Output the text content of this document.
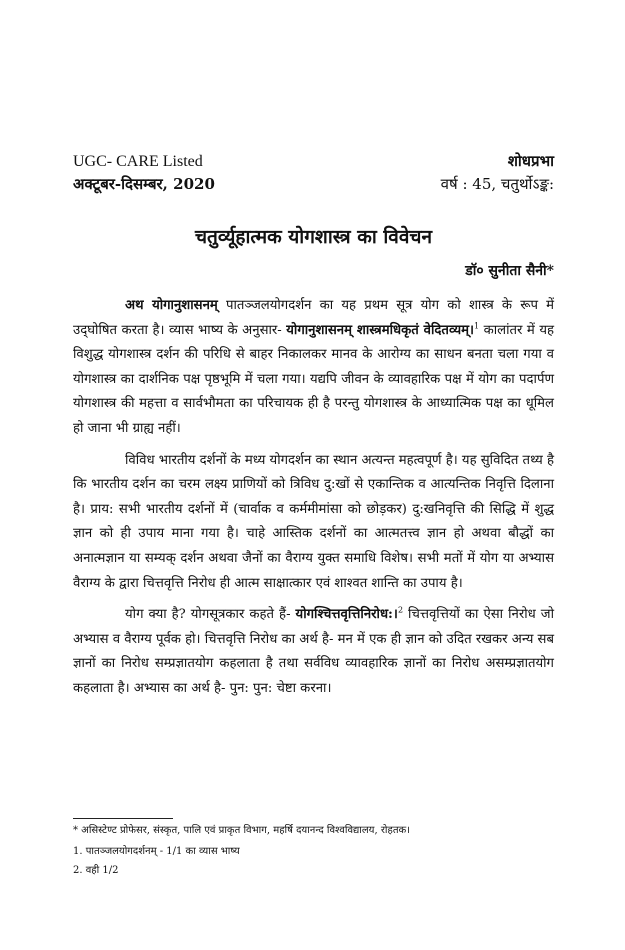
UGC- CARE Listed	शोधप्रभा
अक्टूबर-दिसम्बर, 2020	वर्ष : 45, चतुर्थोऽङ्क:
चतुर्व्यूहात्मक योगशास्त्र का विवेचन
डॉ० सुनीता सैनी*

अथ योगानुशासनम् पातञ्जलयोगदर्शन का यह प्रथम सूत्र योग को शास्त्र के रूप में उद्‌घोषित करता है। व्यास भाष्य के अनुसार- योगानुशासनम् शास्त्रमधिकृतं वेदितव्यम्।$^1$ कालांतर में यह विशुद्ध योगशास्त्र दर्शन की परिधि से बाहर निकालकर मानव के आरोग्य का साधन बनता चला गया व योगशास्त्र का दार्शनिक पक्ष पृष्ठभूमि में चला गया। यद्यपि जीवन के व्यावहारिक पक्ष में योग का पदार्पण योगशास्त्र की महत्ता व सार्वभौमता का परिचायक ही है परन्तु योगशास्त्र के आध्यात्मिक पक्ष का धूमिल हो जाना भी ग्राह्य नहीं।

विविध भारतीय दर्शनों के मध्य योगदर्शन का स्थान अत्यन्त महत्वपूर्ण है। यह सुविदित तथ्य है कि भारतीय दर्शन का चरम लक्ष्य प्राणियों को त्रिविध दु:खों से एकान्तिक व आत्यन्तिक निवृत्ति दिलाना है। प्राय: सभी भारतीय दर्शनों में (चार्वाक व कर्ममीमांसा को छोड़कर) दु:खनिवृत्ति की सिद्धि में शुद्ध ज्ञान को ही उपाय माना गया है। चाहे आस्तिक दर्शनों का आत्मतत्त्व ज्ञान हो अथवा बौद्धों का अनात्मज्ञान या सम्यक् दर्शन अथवा जैनों का वैराग्य युक्त समाधि विशेष। सभी मतों में योग या अभ्यास वैराग्य के द्वारा चित्तवृत्ति निरोध ही आत्म साक्षात्कार एवं शाश्वत शान्ति का उपाय है।

योग क्या है? योगसूत्रकार कहते हैं- योगश्चित्तवृत्तिनिरोध:।$^2$ चित्तवृत्तियों का ऐसा निरोध जो अभ्यास व वैराग्य पूर्वक हो। चित्तवृत्ति निरोध का अर्थ है- मन में एक ही ज्ञान को उदित रखकर अन्य सब ज्ञानों का निरोध सम्प्रज्ञातयोग कहलाता है तथा सर्वविध व्यावहारिक ज्ञानों का निरोध असम्प्रज्ञातयोग कहलाता है। अभ्यास का अर्थ है- पुन: पुन: चेष्टा करना।

* असिस्टेण्ट प्रोफेसर, संस्कृत, पालि एवं प्राकृत विभाग, महर्षि दयानन्द विश्वविद्यालय, रोहतक।
1. पातञ्जलयोगदर्शनम् - 1/1 का व्यास भाष्य
2. वही 1/2
